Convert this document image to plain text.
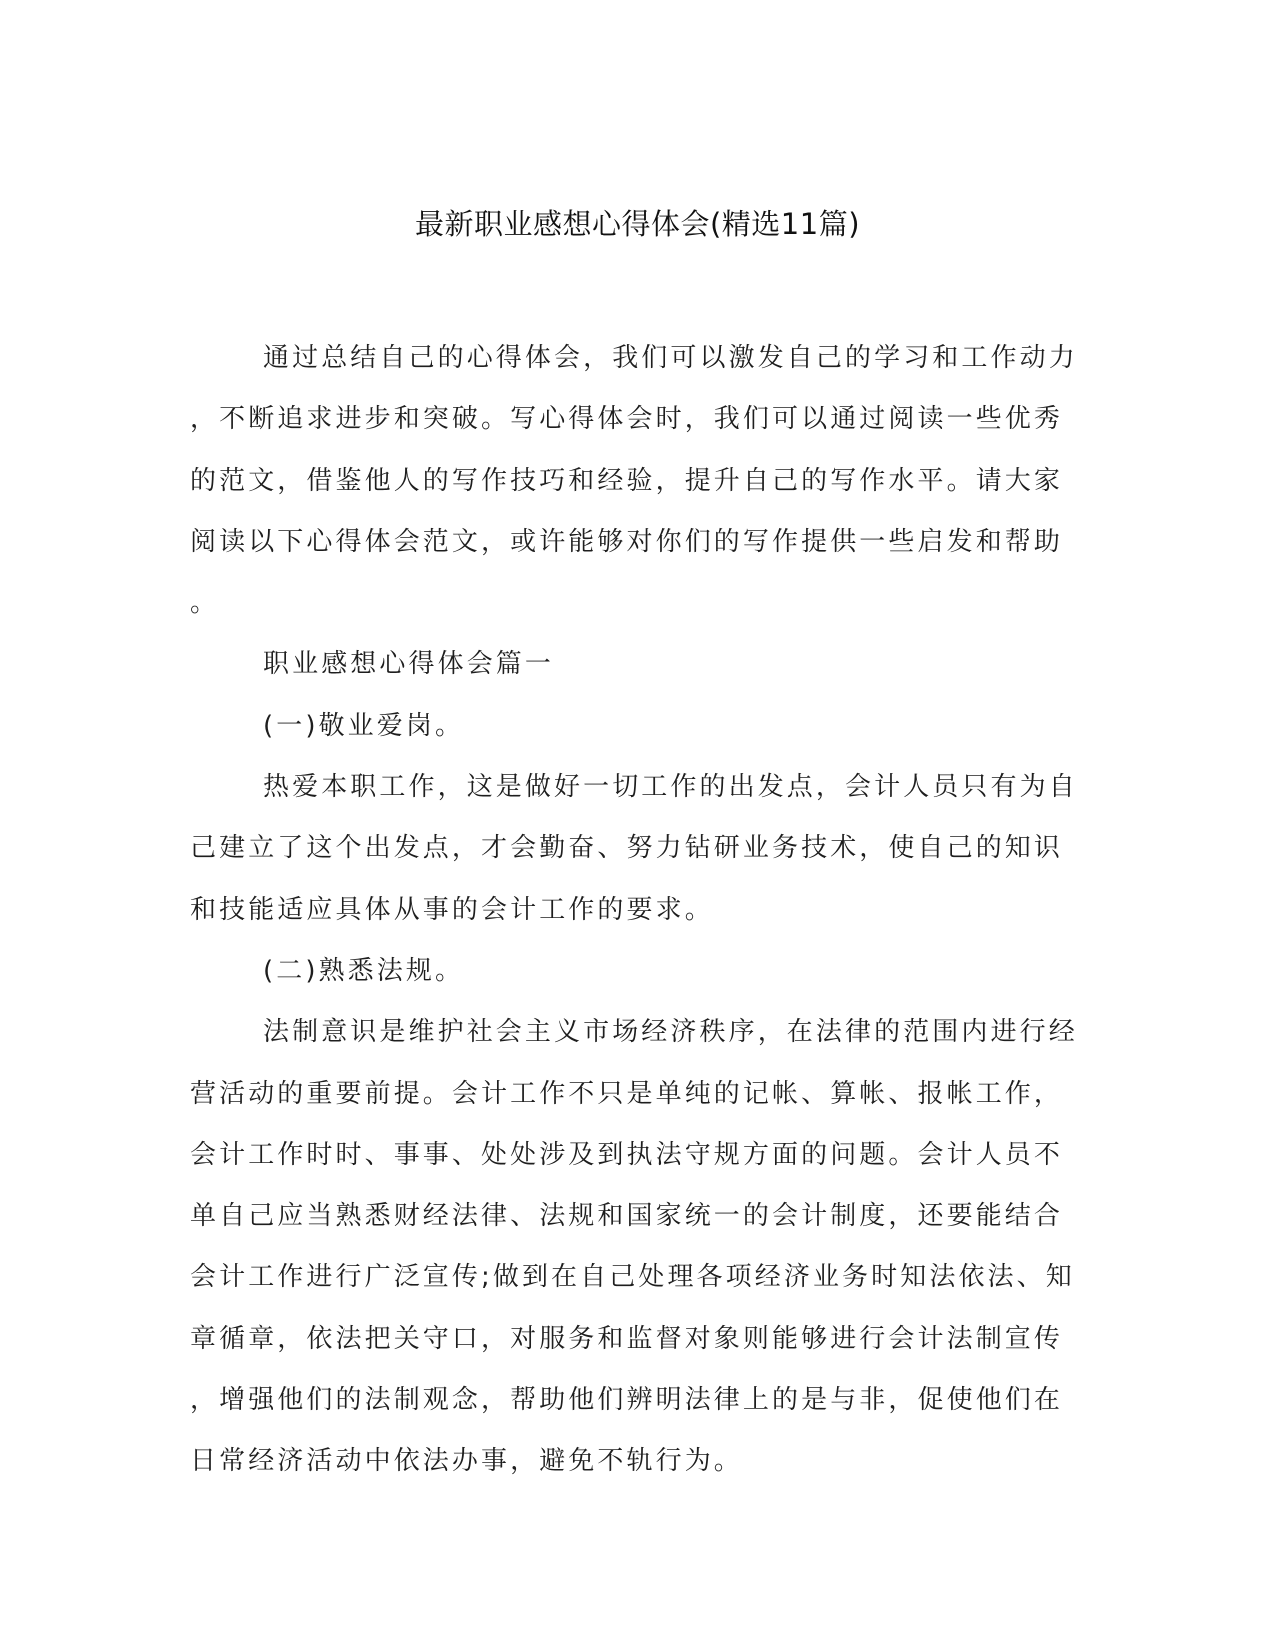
最新职业感想心得体会(精选11篇)
通过总结自己的心得体会，我们可以激发自己的学习和工作动力
，不断追求进步和突破。写心得体会时，我们可以通过阅读一些优秀
的范文，借鉴他人的写作技巧和经验，提升自己的写作水平。请大家
阅读以下心得体会范文，或许能够对你们的写作提供一些启发和帮助
。
职业感想心得体会篇一
(一)敬业爱岗。
热爱本职工作，这是做好一切工作的出发点，会计人员只有为自
己建立了这个出发点，才会勤奋、努力钻研业务技术，使自己的知识
和技能适应具体从事的会计工作的要求。
(二)熟悉法规。
法制意识是维护社会主义市场经济秩序，在法律的范围内进行经
营活动的重要前提。会计工作不只是单纯的记帐、算帐、报帐工作，
会计工作时时、事事、处处涉及到执法守规方面的问题。会计人员不
单自己应当熟悉财经法律、法规和国家统一的会计制度，还要能结合
会计工作进行广泛宣传;做到在自己处理各项经济业务时知法依法、知
章循章，依法把关守口，对服务和监督对象则能够进行会计法制宣传
，增强他们的法制观念，帮助他们辨明法律上的是与非，促使他们在
日常经济活动中依法办事，避免不轨行为。
